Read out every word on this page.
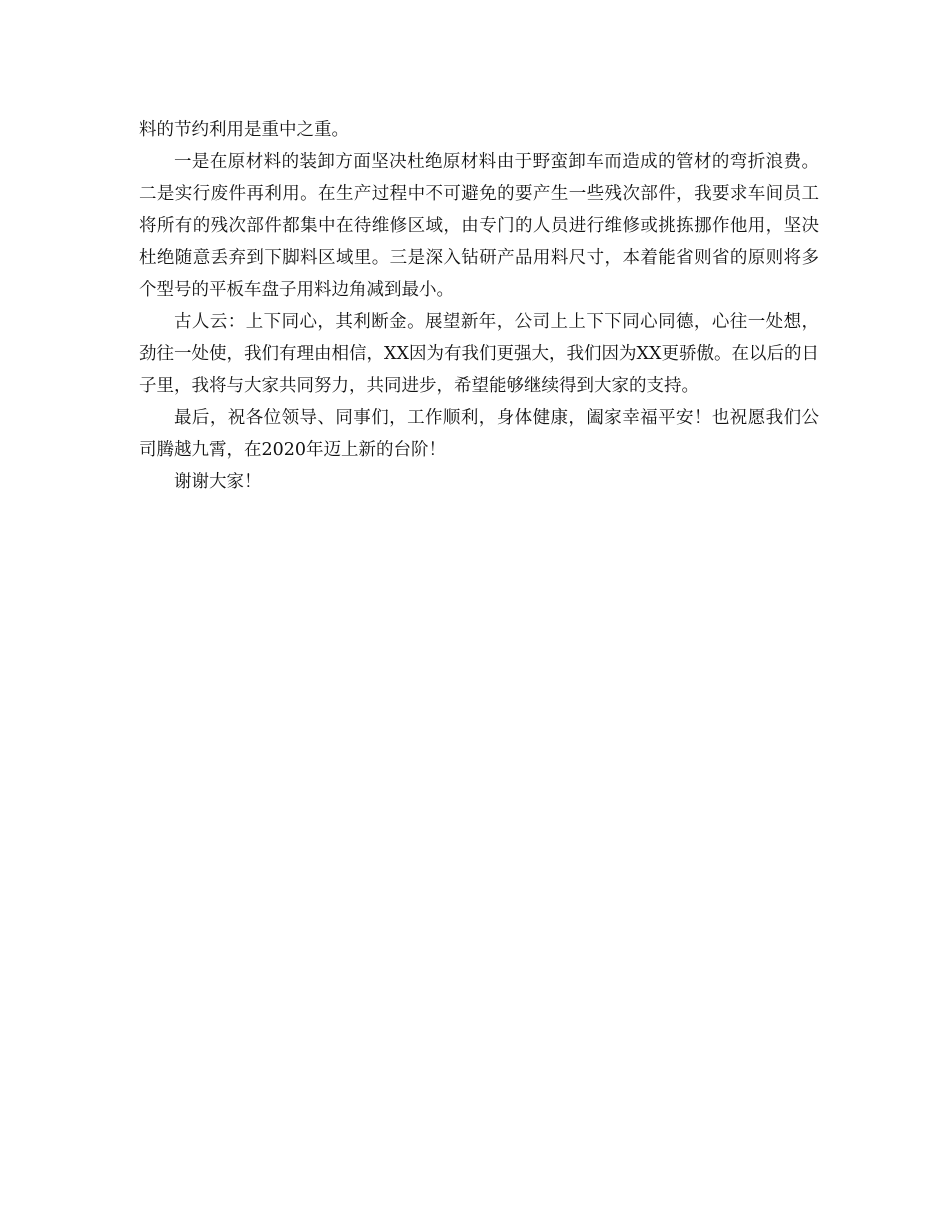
料的节约利用是重中之重。

一是在原材料的装卸方面坚决杜绝原材料由于野蛮卸车而造成的管材的弯折浪费。二是实行废件再利用。在生产过程中不可避免的要产生一些残次部件，我要求车间员工将所有的残次部件都集中在待维修区域，由专门的人员进行维修或挑拣挪作他用，坚决杜绝随意丢弃到下脚料区域里。三是深入钻研产品用料尺寸，本着能省则省的原则将多个型号的平板车盘子用料边角减到最小。

古人云：上下同心，其利断金。展望新年，公司上上下下同心同德，心往一处想，劲往一处使，我们有理由相信，XX因为有我们更强大，我们因为XX更骄傲。在以后的日子里，我将与大家共同努力，共同进步，希望能够继续得到大家的支持。

最后，祝各位领导、同事们，工作顺利，身体健康，阖家幸福平安！也祝愿我们公司腾越九霄，在2020年迈上新的台阶！

谢谢大家！
